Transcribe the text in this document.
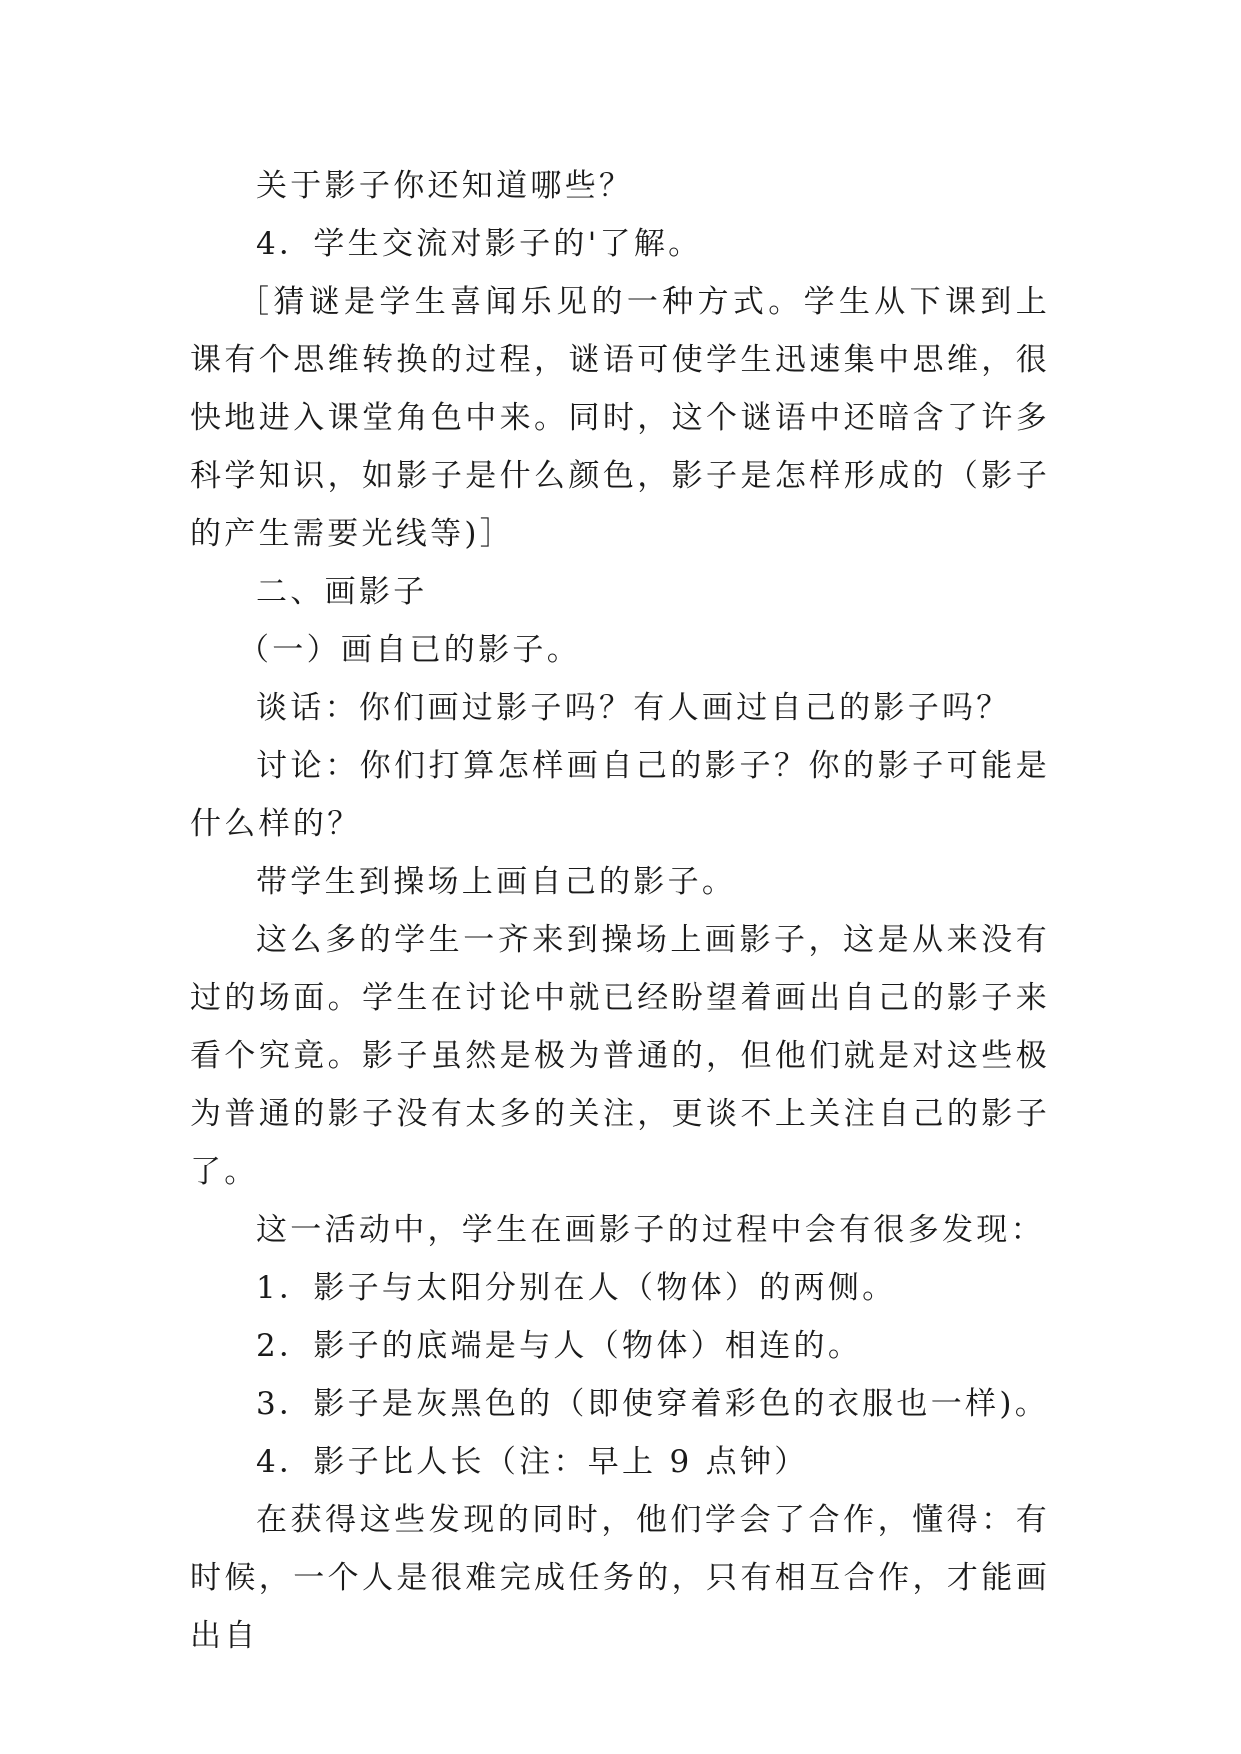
关于影子你还知道哪些？

4．学生交流对影子的'了解。

［猜谜是学生喜闻乐见的一种方式。学生从下课到上课有个思维转换的过程，谜语可使学生迅速集中思维，很快地进入课堂角色中来。同时，这个谜语中还暗含了许多科学知识，如影子是什么颜色，影子是怎样形成的（影子的产生需要光线等)］

二、画影子

（一）画自已的影子。

谈话：你们画过影子吗？有人画过自己的影子吗？

讨论：你们打算怎样画自己的影子？你的影子可能是什么样的？

带学生到操场上画自己的影子。

这么多的学生一齐来到操场上画影子，这是从来没有过的场面。学生在讨论中就已经盼望着画出自己的影子来看个究竟。影子虽然是极为普通的，但他们就是对这些极为普通的影子没有太多的关注，更谈不上关注自己的影子了。

这一活动中，学生在画影子的过程中会有很多发现：

1．影子与太阳分别在人（物体）的两侧。

2．影子的底端是与人（物体）相连的。

3．影子是灰黑色的（即使穿着彩色的衣服也一样)。

4．影子比人长（注：早上 9 点钟）

在获得这些发现的同时，他们学会了合作，懂得：有时候，一个人是很难完成任务的，只有相互合作，才能画出自
